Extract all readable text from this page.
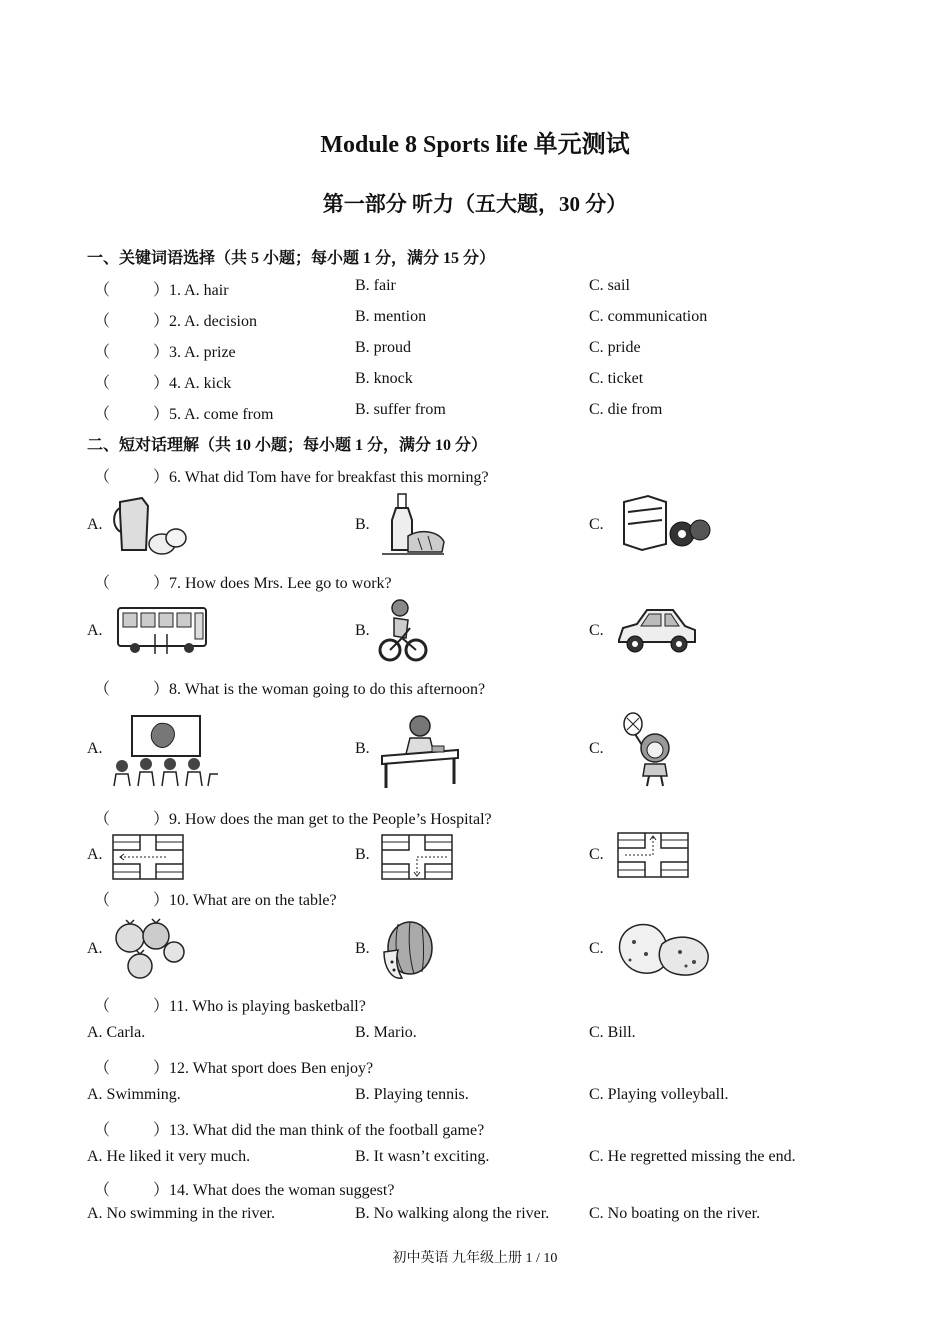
Module 8 Sports life 单元测试
第一部分 听力（五大题，30 分）
一、关键词语选择（共 5 小题；每小题 1 分，满分 15 分）
（	）1. A. hair	B. fair	C. sail
（	）2. A. decision	B. mention	C. communication
（	）3. A. prize	B. proud	C. pride
（	）4. A. kick	B. knock	C. ticket
（	）5. A. come from	B. suffer from	C. die from
二、短对话理解（共 10 小题；每小题 1 分，满分 10 分）
（	）6. What did Tom have for breakfast this morning?
A.	B.	C.
（	）7. How does Mrs. Lee go to work?
A.	B.	C.
（	）8. What is the woman going to do this afternoon?
A.	B.	C.
（	）9. How does the man get to the People’s Hospital?
A.	B.	C.
（	）10. What are on the table?
A.	B.	C.
（	）11. Who is playing basketball?
A. Carla.	B. Mario.	C. Bill.
（	）12. What sport does Ben enjoy?
A. Swimming.	B. Playing tennis.	C. Playing volleyball.
（	）13. What did the man think of the football game?
A. He liked it very much.	B. It wasn’t exciting.	C. He regretted missing the end.
（	）14. What does the woman suggest?
A. No swimming in the river.	B. No walking along the river. C. No boating on the river.
初中英语 九年级上册 1 / 10
